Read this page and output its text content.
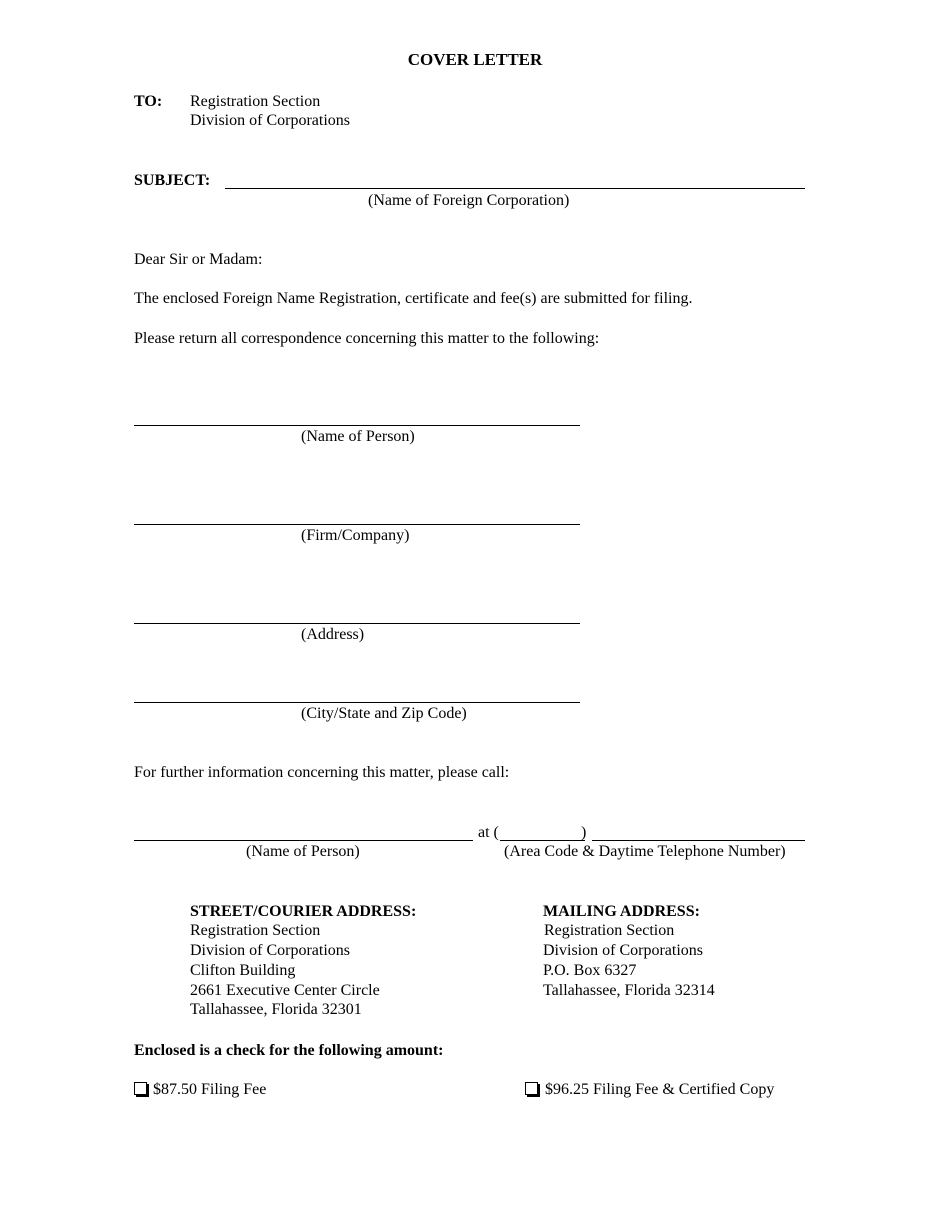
COVER LETTER
TO: Registration Section
Division of Corporations
SUBJECT:
(Name of Foreign Corporation)
Dear Sir or Madam:
The enclosed Foreign Name Registration, certificate and fee(s) are submitted for filing.
Please return all correspondence concerning this matter to the following:
(Name of Person)
(Firm/Company)
(Address)
(City/State and Zip Code)
For further information concerning this matter, please call:
at (	)
(Name of Person)	(Area Code & Daytime Telephone Number)
STREET/COURIER ADDRESS:
Registration Section
Division of Corporations
Clifton Building
2661 Executive Center Circle
Tallahassee, Florida 32301
MAILING ADDRESS:
Registration Section
Division of Corporations
P.O. Box 6327
Tallahassee, Florida 32314
Enclosed is a check for the following amount:
$87.50 Filing Fee	$96.25 Filing Fee & Certified Copy
